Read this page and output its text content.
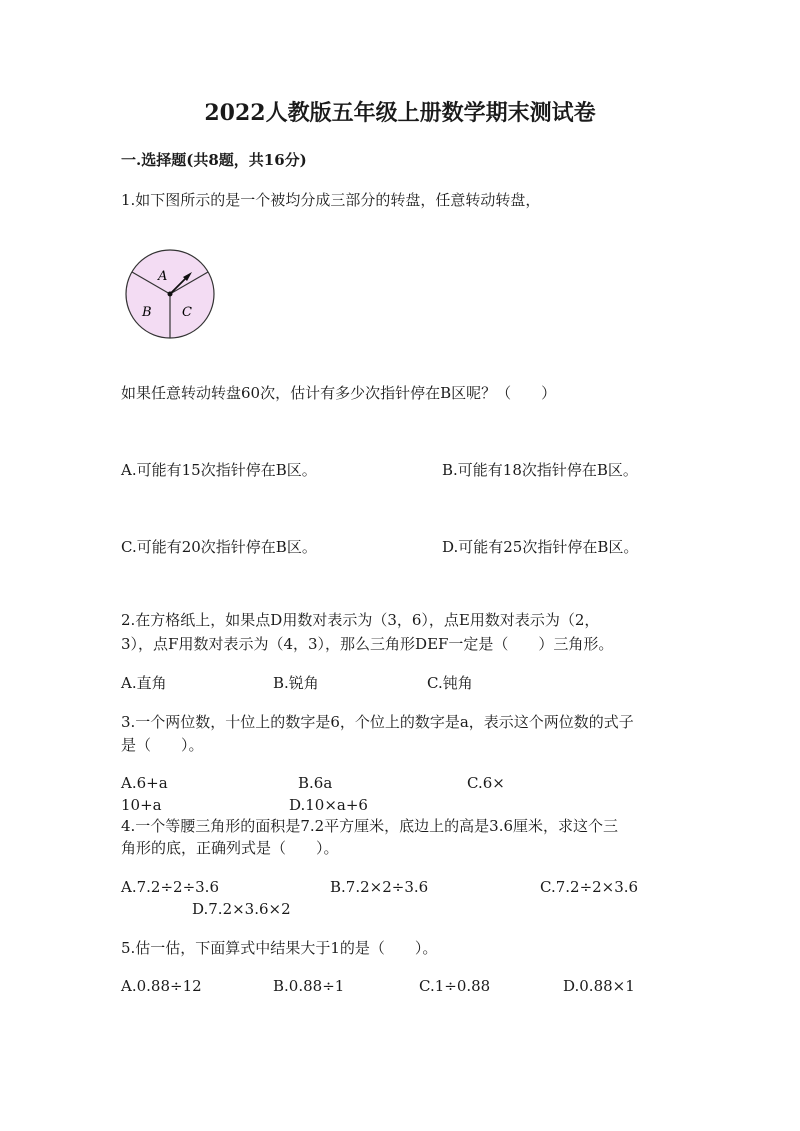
2022人教版五年级上册数学期末测试卷
一.选择题(共8题，共16分)
1.如下图所示的是一个被均分成三部分的转盘，任意转动转盘，
A
B C
如果任意转动转盘60次，估计有多少次指针停在B区呢？（　　）
A.可能有15次指针停在B区。	B.可能有18次指针停在B区。
C.可能有20次指针停在B区。	D.可能有25次指针停在B区。
2.在方格纸上，如果点D用数对表示为（3，6），点E用数对表示为（2，
3），点F用数对表示为（4，3），那么三角形DEF一定是（　　）三角形。
A.直角	B.锐角	C.钝角
3.一个两位数，十位上的数字是6，个位上的数字是a，表示这个两位数的式子
是（　　）。
A.6+a	B.6a	C.6×
10+a	D.10×a+6
4.一个等腰三角形的面积是7.2平方厘米，底边上的高是3.6厘米，求这个三
角形的底，正确列式是（　　）。
A.7.2÷2÷3.6	B.7.2×2÷3.6	C.7.2÷2×3.6
D.7.2×3.6×2
5.估一估，下面算式中结果大于1的是（　　）。
A.0.88÷12	B.0.88÷1	C.1÷0.88	D.0.88×1
